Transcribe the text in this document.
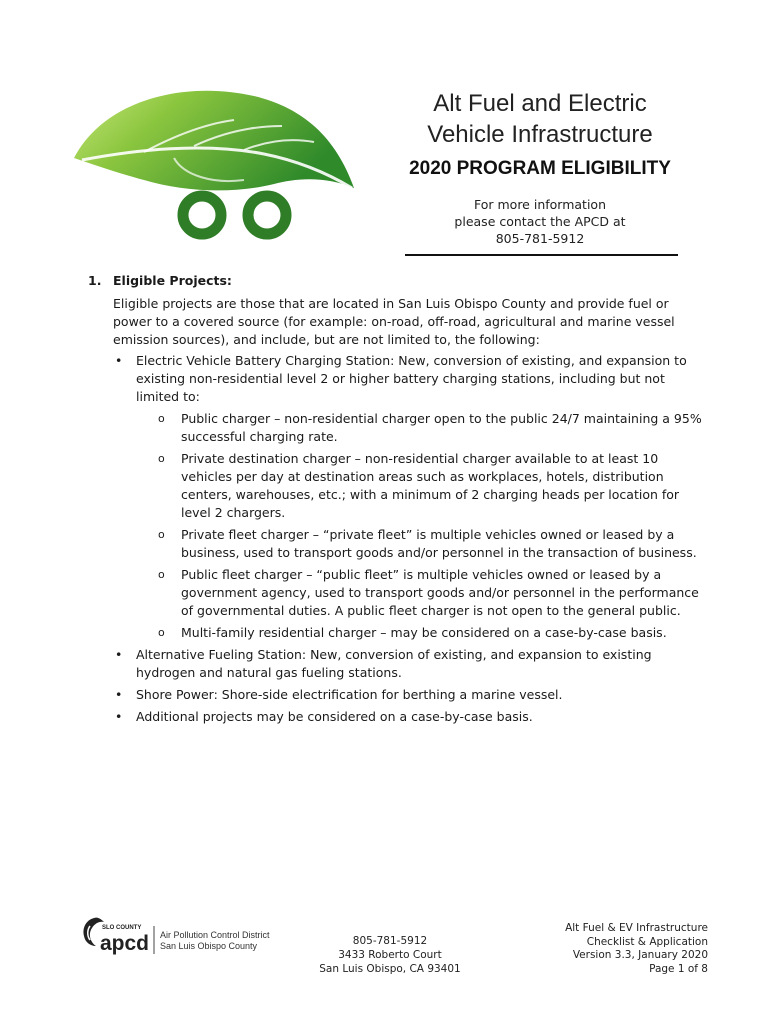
Alt Fuel and Electric
Vehicle Infrastructure
2020 PROGRAM ELIGIBILITY
For more information
please contact the APCD at
805-781-5912
1. Eligible Projects:
Eligible projects are those that are located in San Luis Obispo County and provide fuel or power to a covered source (for example: on-road, off-road, agricultural and marine vessel emission sources), and include, but are not limited to, the following:
• Electric Vehicle Battery Charging Station: New, conversion of existing, and expansion to existing non-residential level 2 or higher battery charging stations, including but not limited to:
o Public charger – non-residential charger open to the public 24/7 maintaining a 95% successful charging rate.
o Private destination charger – non-residential charger available to at least 10 vehicles per day at destination areas such as workplaces, hotels, distribution centers, warehouses, etc.; with a minimum of 2 charging heads per location for level 2 chargers.
o Private fleet charger – “private fleet” is multiple vehicles owned or leased by a business, used to transport goods and/or personnel in the transaction of business.
o Public fleet charger – “public fleet” is multiple vehicles owned or leased by a government agency, used to transport goods and/or personnel in the performance of governmental duties. A public fleet charger is not open to the general public.
o Multi-family residential charger – may be considered on a case-by-case basis.
• Alternative Fueling Station: New, conversion of existing, and expansion to existing hydrogen and natural gas fueling stations.
• Shore Power: Shore-side electrification for berthing a marine vessel.
• Additional projects may be considered on a case-by-case basis.
SLO COUNTY
apcd Air Pollution Control District
San Luis Obispo County	805-781-5912
3433 Roberto Court
San Luis Obispo, CA 93401
Alt Fuel & EV Infrastructure
Checklist & Application
Version 3.3, January 2020
Page 1 of 8
